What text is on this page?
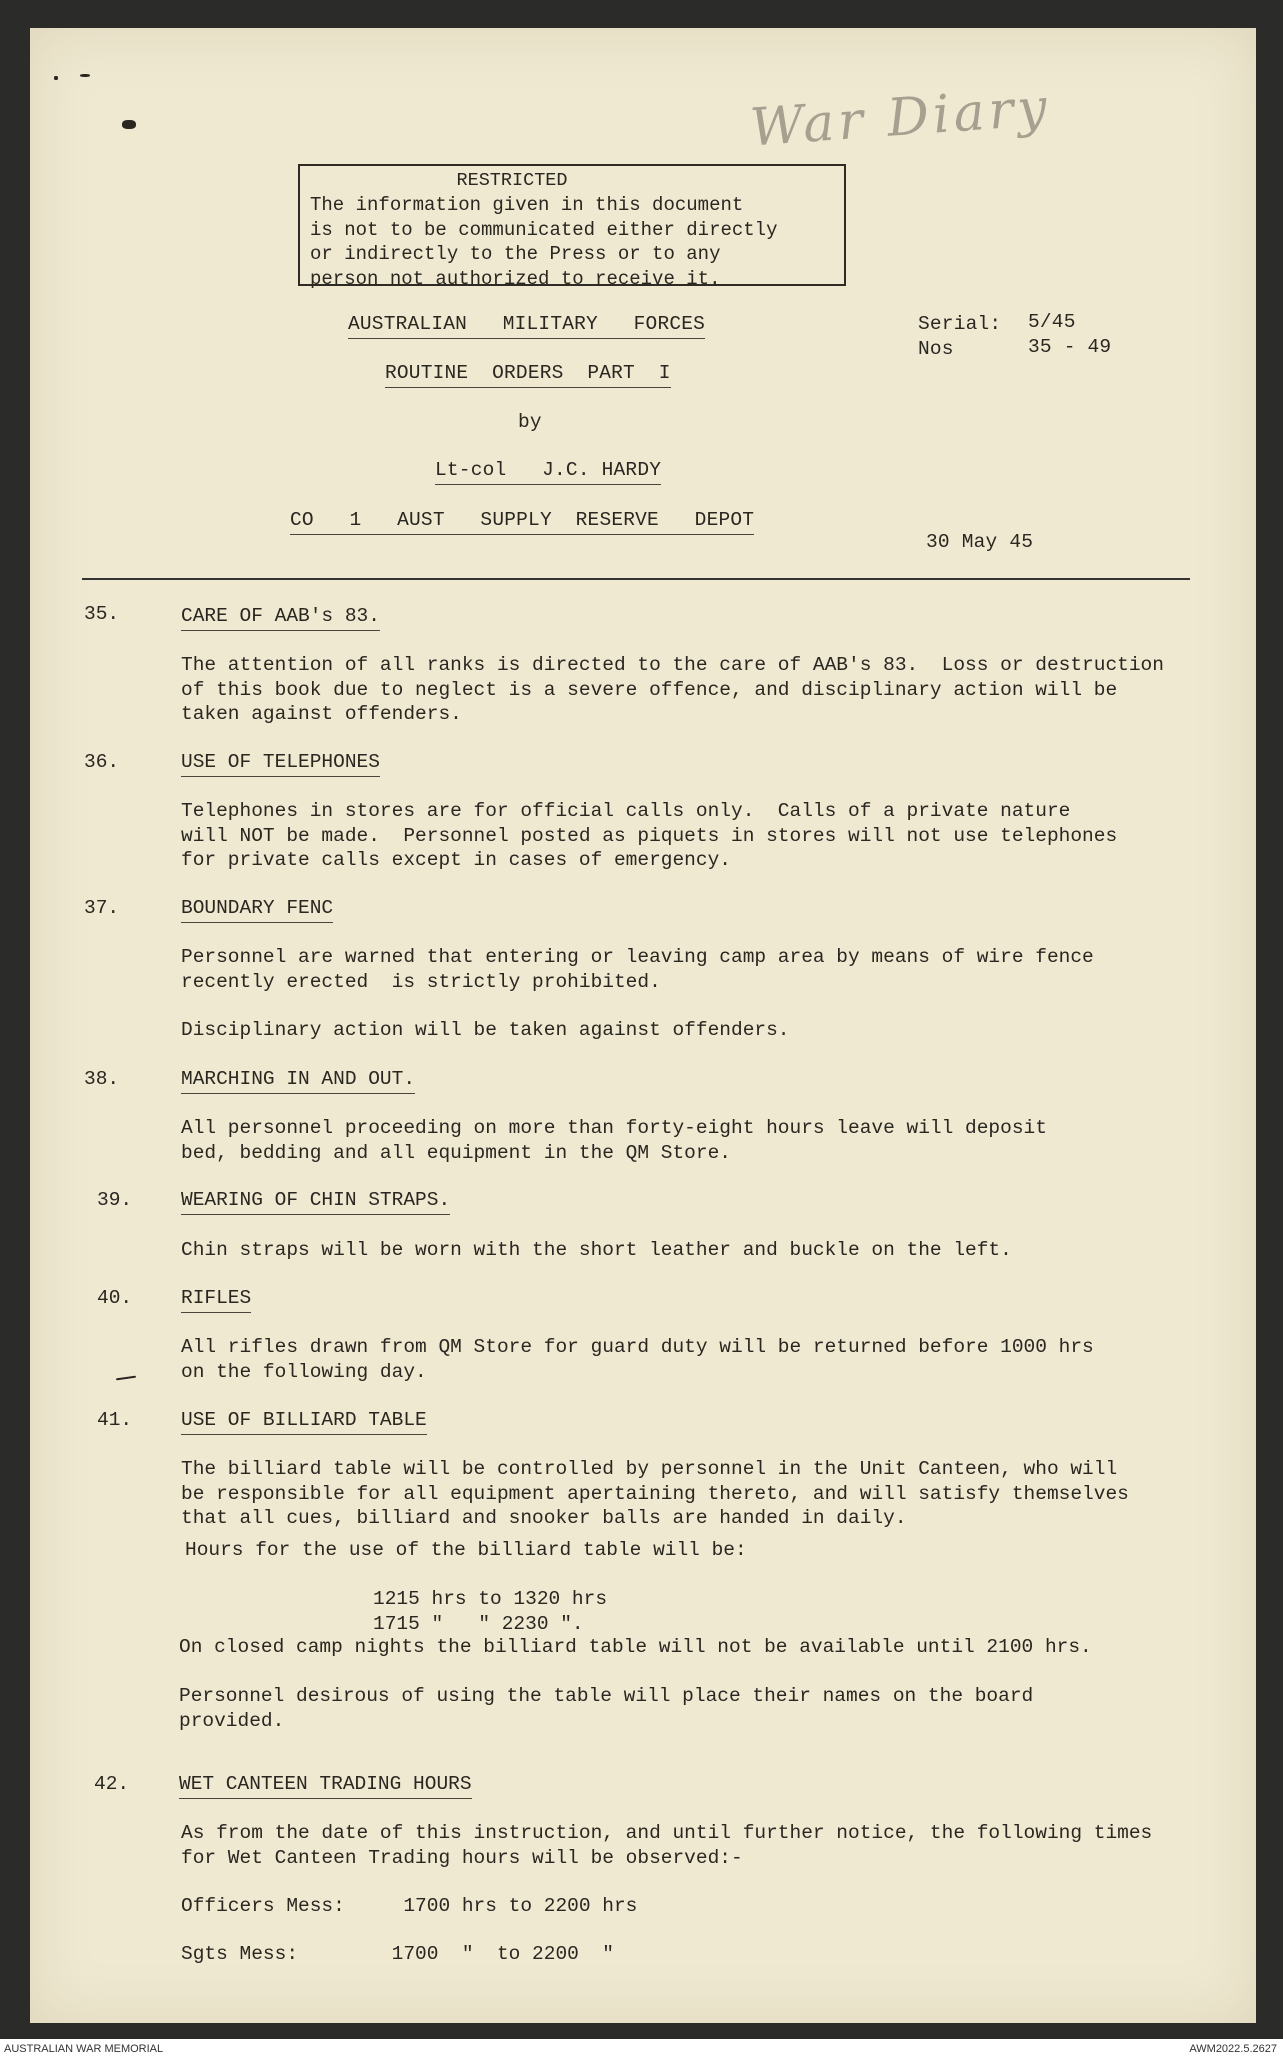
War Diary
RESTRICTED
The information given in this document
is not to be communicated either directly
or indirectly to the Press or to any
person not authorized to receive it.
AUSTRALIAN   MILITARY   FORCES
ROUTINE  ORDERS  PART  I
by
Lt-col   J.C. HARDY
CO   1   AUST   SUPPLY  RESERVE   DEPOT
Serial: 5/45
Nos	35 - 49
30 May 45
35.	CARE OF AAB's 83.
The attention of all ranks is directed to the care of AAB's 83.  Loss or destruction
of this book due to neglect is a severe offence, and disciplinary action will be
taken against offenders.
36.	USE OF TELEPHONES
Telephones in stores are for official calls only.  Calls of a private nature
will NOT be made.  Personnel posted as piquets in stores will not use telephones
for private calls except in cases of emergency.
37.	BOUNDARY FENC
Personnel are warned that entering or leaving camp area by means of wire fence
recently erected  is strictly prohibited.
Disciplinary action will be taken against offenders.
38.	MARCHING IN AND OUT.
All personnel proceeding on more than forty-eight hours leave will deposit
bed, bedding and all equipment in the QM Store.
39.	WEARING OF CHIN STRAPS.
Chin straps will be worn with the short leather and buckle on the left.
40.	RIFLES
All rifles drawn from QM Store for guard duty will be returned before 1000 hrs
on the following day.
41.	USE OF BILLIARD TABLE
The billiard table will be controlled by personnel in the Unit Canteen, who will
be responsible for all equipment apertaining thereto, and will satisfy themselves
that all cues, billiard and snooker balls are handed in daily.
Hours for the use of the billiard table will be:
1215 hrs to 1320 hrs
1715 "   " 2230 ".
On closed camp nights the billiard table will not be available until 2100 hrs.
Personnel desirous of using the table will place their names on the board
provided.
42.	WET CANTEEN TRADING HOURS
As from the date of this instruction, and until further notice, the following times
for Wet Canteen Trading hours will be observed:-
Officers Mess:     1700 hrs to 2200 hrs
Sgts Mess:        1700  "  to 2200  "
AUSTRALIAN WAR MEMORIAL	AWM2022.5.2627
